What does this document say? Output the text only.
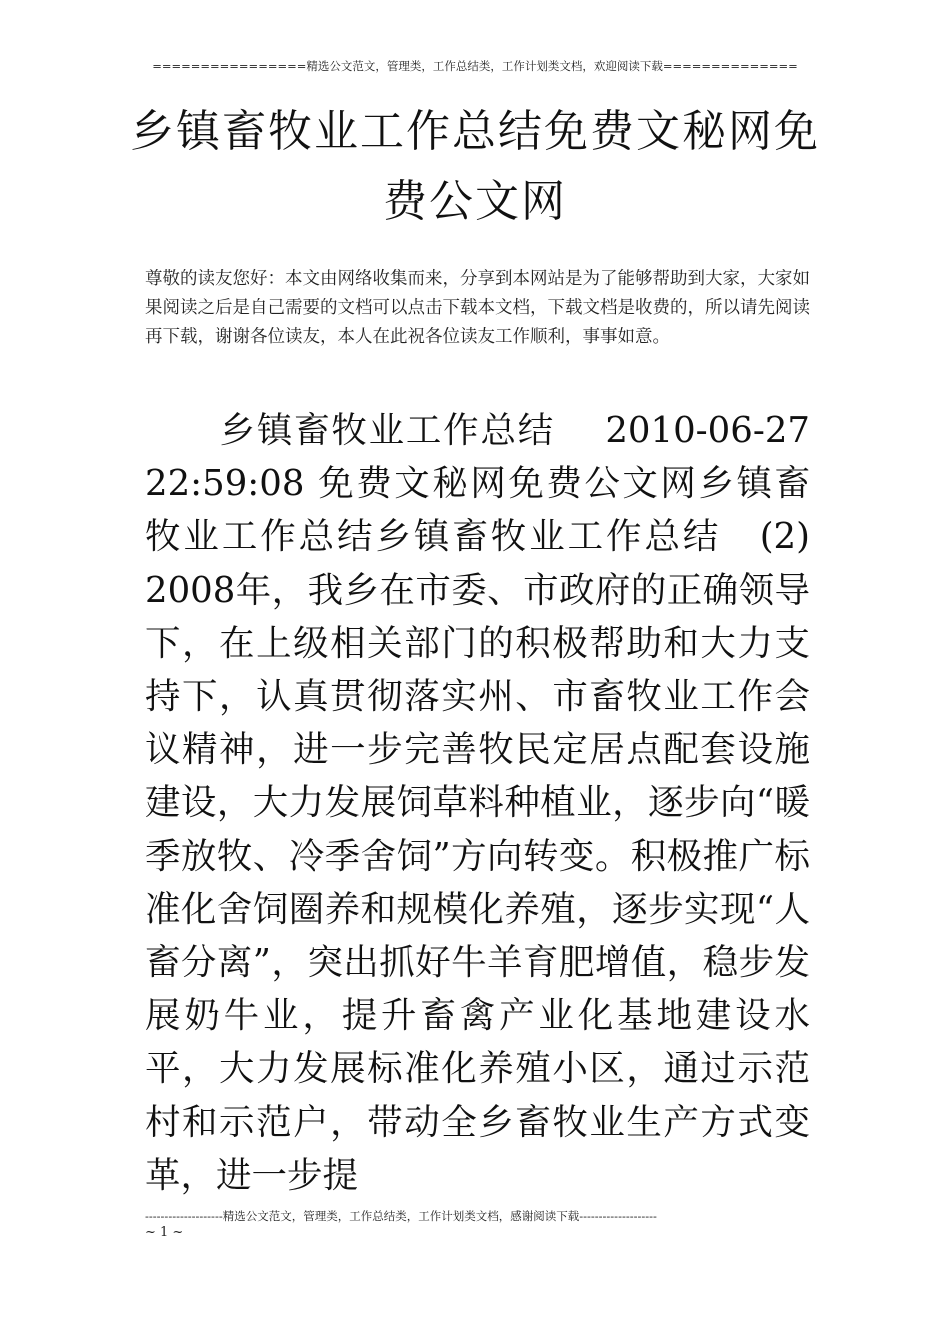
================精选公文范文，管理类，工作总结类，工作计划类文档，欢迎阅读下载==============
乡镇畜牧业工作总结免费文秘网免
费公文网
尊敬的读友您好：本文由网络收集而来，分享到本网站是为了能够帮助到大家，大家如果阅读之后是自己需要的文档可以点击下载本文档，下载文档是收费的，所以请先阅读再下载，谢谢各位读友，本人在此祝各位读友工作顺利，事事如意。
　　乡镇畜牧业工作总结　 2010-06-27 22:59:08 免费文秘网免费公文网乡镇畜牧业工作总结乡镇畜牧业工作总结　(2) 2008年，我乡在市委、市政府的正确领导下，在上级相关部门的积极帮助和大力支持下，认真贯彻落实州、市畜牧业工作会议精神，进一步完善牧民定居点配套设施建设，大力发展饲草料种植业，逐步向“暖季放牧、冷季舍饲”方向转变。积极推广标准化舍饲圈养和规模化养殖，逐步实现“人畜分离”，突出抓好牛羊育肥增值，稳步发展奶牛业，提升畜禽产业化基地建设水平，大力发展标准化养殖小区，通过示范村和示范户，带动全乡畜牧业生产方式变革，进一步提
--------------------精选公文范文，管理类，工作总结类，工作计划类文档，感谢阅读下载--------------------
~ 1 ~
